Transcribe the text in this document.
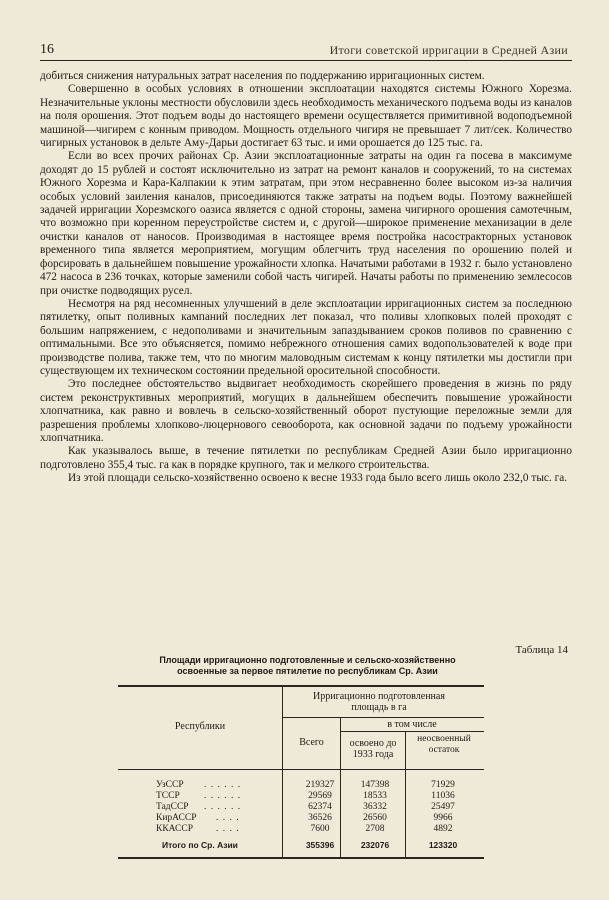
16	Итоги советской ирригации в Средней Азии

добиться снижения натуральных затрат населения по поддержанию ирригационных систем.

Совершенно в особых условиях в отношении эксплоатации находятся системы Южного Хорезма. Незначительные уклоны местности обусловили здесь необходимость механического подъема воды из каналов на поля орошения. Этот подъем воды до настоящего времени осуществляется примитивной водоподъемной машиной—чигирем с конным приводом. Мощность отдельного чигиря не превышает 7 лит/сек. Количество чигирных установок в дельте Аму-Дарьи достигает 63 тыс. и ими орошается до 125 тыс. га.

Если во всех прочих районах Ср. Азии эксплоатационные затраты на один га посева в максимуме доходят до 15 рублей и состоят исключительно из затрат на ремонт каналов и сооружений, то на системах Южного Хорезма и Кара-Калпакии к этим затратам, при этом несравненно более высоком из-за наличия особых условий заиления каналов, присоединяются также затраты на подъем воды. Поэтому важнейшей задачей ирригации Хорезмского оазиса является с одной стороны, замена чигирного орошения самотечным, что возможно при коренном переустройстве систем и, с другой—широкое применение механизации в деле очистки каналов от наносов. Производимая в настоящее время постройка насостракторных установок временного типа является мероприятием, могущим облегчить труд населения по орошению полей и форсировать в дальнейшем повышение урожайности хлопка. Начатыми работами в 1932 г. было установлено 472 насоса в 236 точках, которые заменили собой часть чигирей. Начаты работы по применению землесосов при очистке подводящих русел.

Несмотря на ряд несомненных улучшений в деле эксплоатации ирригационных систем за последнюю пятилетку, опыт поливных кампаний последних лет показал, что поливы хлопковых полей проходят с большим напряжением, с недополивами и значительным запаздыванием сроков поливов по сравнению с оптимальными. Все это объясняется, помимо небрежного отношения самих водопользователей к воде при производстве полива, также тем, что по многим маловодным системам к концу пятилетки мы достигли при существующем их техническом состоянии предельной оросительной способности.

Это последнее обстоятельство выдвигает необходимость скорейшего проведения в жизнь по ряду систем реконструктивных мероприятий, могущих в дальнейшем обеспечить повышение урожайности хлопчатника, как равно и вовлечь в сельско-хозяйственный оборот пустующие переложные земли для разрешения проблемы хлопково-люцернового севооборота, как основной задачи по подъему урожайности хлопчатника.

Как указывалось выше, в течение пятилетки по республикам Средней Азии было ирригационно подготовлено 355,4 тыс. га как в порядке крупного, так и мелкого строительства.

Из этой площади сельско-хозяйственно освоено к весне 1933 года было всего лишь около 232,0 тыс. га.

Таблица 14
Площади ирригационно подготовленные и сельско-хозяйственно освоенные за первое пятилетие по республикам Ср. Азии
Республики
Ирригационно подготовленная площадь в га
Всего
в том числе
освоено до 1933 года
неосвоенный остаток
УзССР . . . . . .	219327	147398	71929
ТССР	. . . . . .	29569	18533	11036
ТадССР . . . . . .	62374	36332	25497
КирАССР . . . .	36526	26560	9966
ККАССР . . . .	7600	2708	4892
Итого по Ср. Азии	355396	232076	123320
